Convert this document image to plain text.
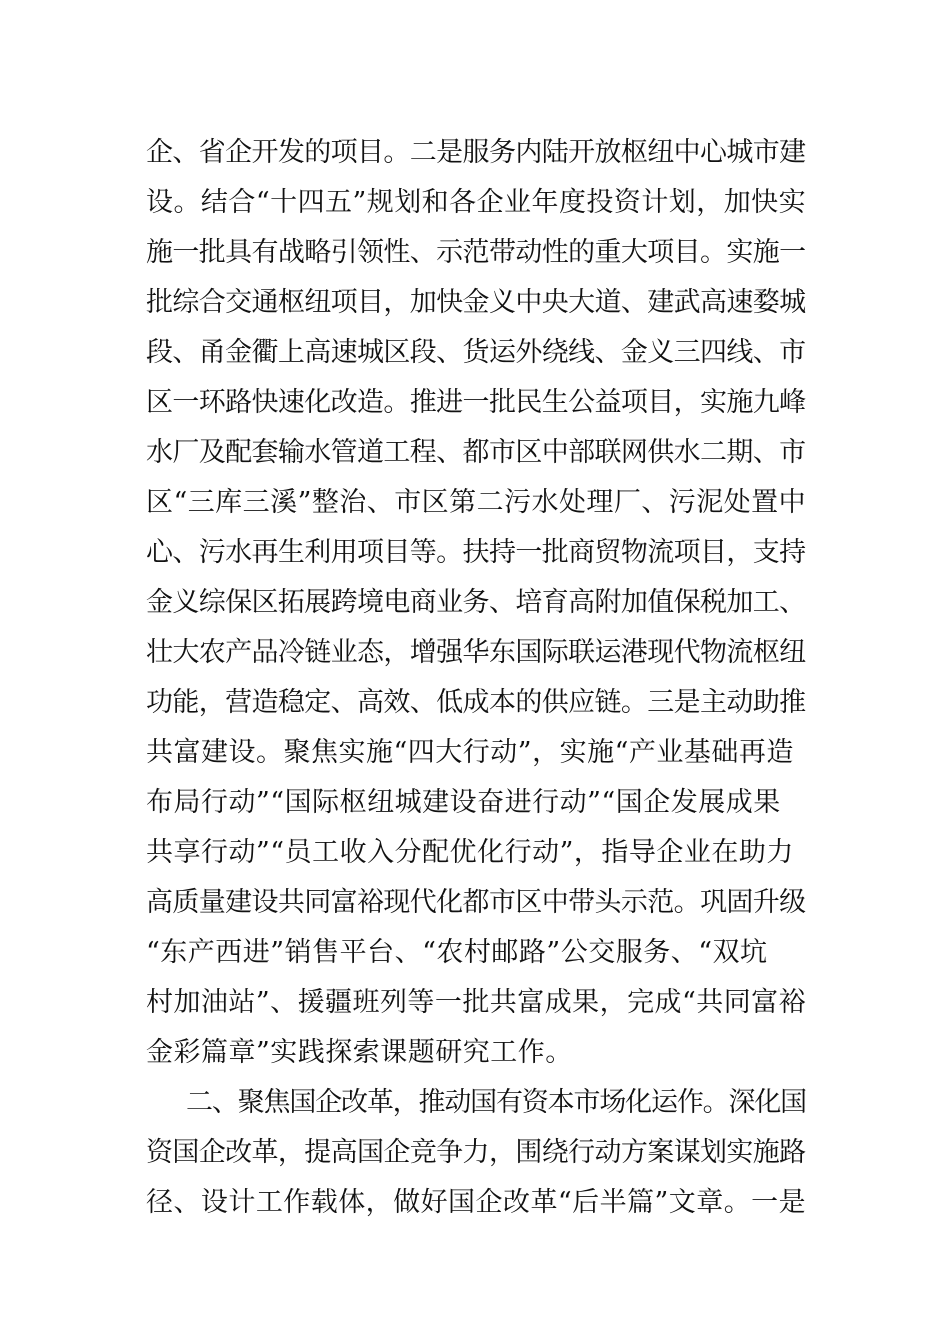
企、省企开发的项目。二是服务内陆开放枢纽中心城市建
设。结合“十四五”规划和各企业年度投资计划，加快实
施一批具有战略引领性、示范带动性的重大项目。实施一
批综合交通枢纽项目，加快金义中央大道、建武高速婺城
段、甬金衢上高速城区段、货运外绕线、金义三四线、市
区一环路快速化改造。推进一批民生公益项目，实施九峰
水厂及配套输水管道工程、都市区中部联网供水二期、市
区“三库三溪”整治、市区第二污水处理厂、污泥处置中
心、污水再生利用项目等。扶持一批商贸物流项目，支持
金义综保区拓展跨境电商业务、培育高附加值保税加工、
壮大农产品冷链业态，增强华东国际联运港现代物流枢纽
功能，营造稳定、高效、低成本的供应链。三是主动助推
共富建设。聚焦实施“四大行动”，实施“产业基础再造
布局行动”“国际枢纽城建设奋进行动”“国企发展成果
共享行动”“员工收入分配优化行动”，指导企业在助力
高质量建设共同富裕现代化都市区中带头示范。巩固升级
“东产西进”销售平台、“农村邮路”公交服务、“双坑
村加油站”、援疆班列等一批共富成果，完成“共同富裕
金彩篇章”实践探索课题研究工作。
二、聚焦国企改革，推动国有资本市场化运作。深化国
资国企改革，提高国企竞争力，围绕行动方案谋划实施路
径、设计工作载体，做好国企改革“后半篇”文章。一是
